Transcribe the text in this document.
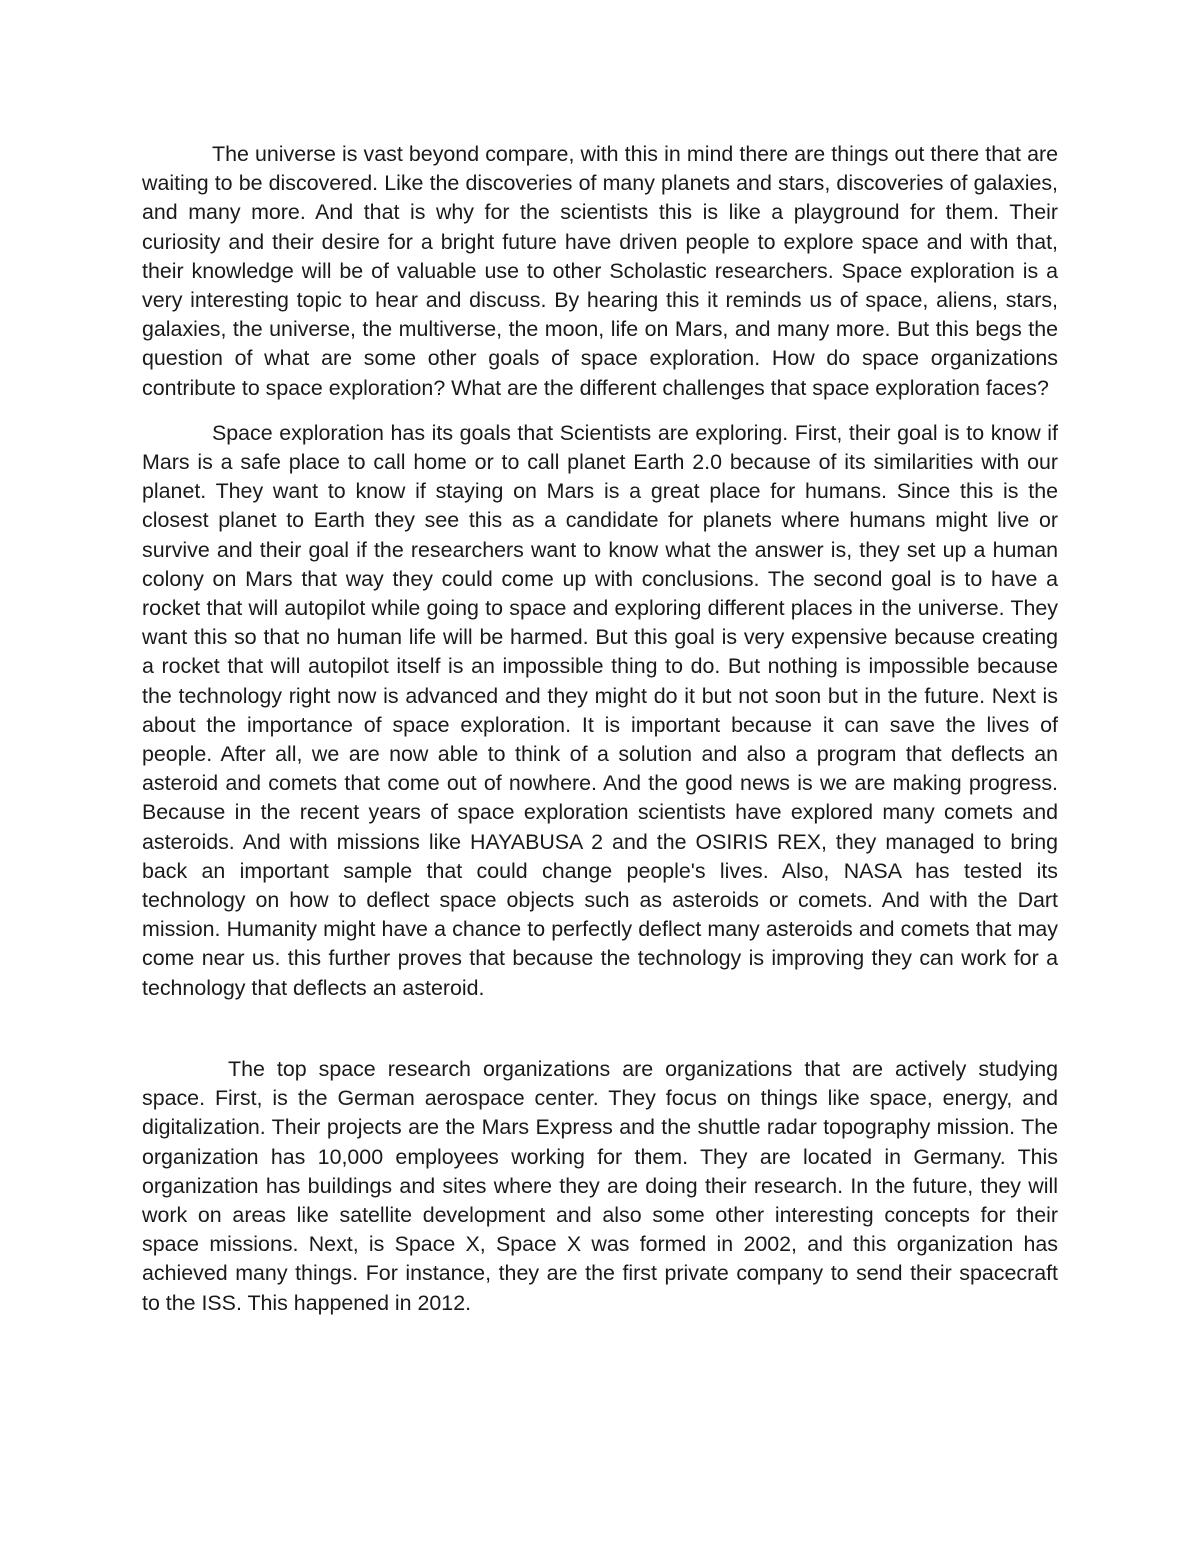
The universe is vast beyond compare, with this in mind there are things out there that are waiting to be discovered. Like the discoveries of many planets and stars, discoveries of galaxies, and many more. And that is why for the scientists this is like a playground for them. Their curiosity and their desire for a bright future have driven people to explore space and with that, their knowledge will be of valuable use to other Scholastic researchers. Space exploration is a very interesting topic to hear and discuss. By hearing this it reminds us of space, aliens, stars, galaxies, the universe, the multiverse, the moon, life on Mars, and many more. But this begs the question of what are some other goals of space exploration. How do space organizations contribute to space exploration? What are the different challenges that space exploration faces?

Space exploration has its goals that Scientists are exploring. First, their goal is to know if Mars is a safe place to call home or to call planet Earth 2.0 because of its similarities with our planet. They want to know if staying on Mars is a great place for humans. Since this is the closest planet to Earth they see this as a candidate for planets where humans might live or survive and their goal if the researchers want to know what the answer is, they set up a human colony on Mars that way they could come up with conclusions. The second goal is to have a rocket that will autopilot while going to space and exploring different places in the universe. They want this so that no human life will be harmed. But this goal is very expensive because creating a rocket that will autopilot itself is an impossible thing to do. But nothing is impossible because the technology right now is advanced and they might do it but not soon but in the future. Next is about the importance of space exploration. It is important because it can save the lives of people. After all, we are now able to think of a solution and also a program that deflects an asteroid and comets that come out of nowhere. And the good news is we are making progress. Because in the recent years of space exploration scientists have explored many comets and asteroids. And with missions like HAYABUSA 2 and the OSIRIS REX, they managed to bring back an important sample that could change people's lives. Also, NASA has tested its technology on how to deflect space objects such as asteroids or comets. And with the Dart mission. Humanity might have a chance to perfectly deflect many asteroids and comets that may come near us. this further proves that because the technology is improving they can work for a technology that deflects an asteroid.

The top space research organizations are organizations that are actively studying space. First, is the German aerospace center. They focus on things like space, energy, and digitalization. Their projects are the Mars Express and the shuttle radar topography mission. The organization has 10,000 employees working for them. They are located in Germany. This organization has buildings and sites where they are doing their research. In the future, they will work on areas like satellite development and also some other interesting concepts for their space missions. Next, is Space X, Space X was formed in 2002, and this organization has achieved many things. For instance, they are the first private company to send their spacecraft to the ISS. This happened in 2012.
